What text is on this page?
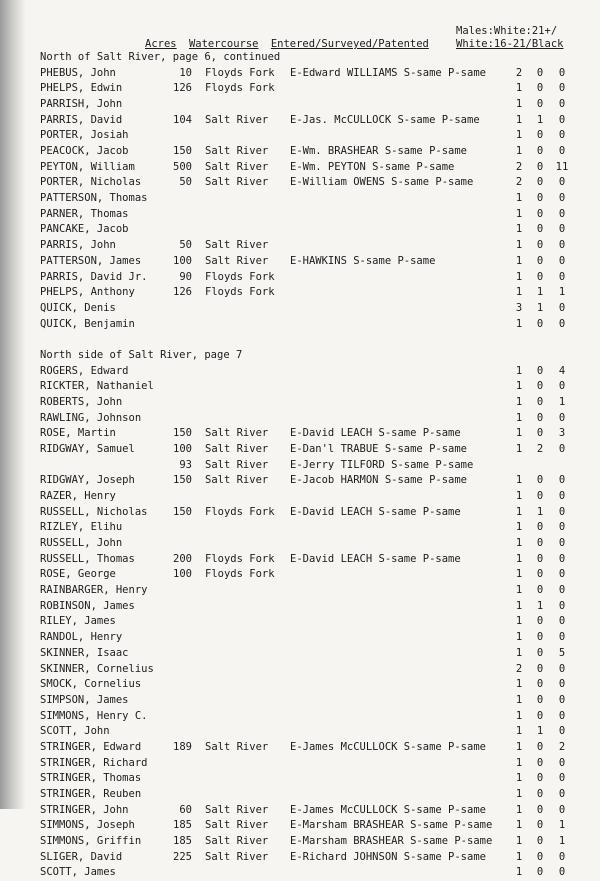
Males:White:21+/
Acres Watercourse Entered/Surveyed/Patented	White:16-21/Black
North of Salt River, page 6, continued
PHEBUS, John	10 Floyds Fork E-Edward WILLIAMS S-same P-same	2 0	0
PHELPS, Edwin	126 Floyds Fork	1 0	0
PARRISH, John	1 0	0
PARRIS, David	104 Salt River E-Jas. McCULLOCK S-same P-same	1 1	0
PORTER, Josiah	1 0	0
PEACOCK, Jacob	150 Salt River E-Wm. BRASHEAR S-same P-same	1 0	0
PEYTON, William	500 Salt River E-Wm. PEYTON S-same P-same	2 0 11
PORTER, Nicholas	50 Salt River E-William OWENS S-same P-same	2 0	0
PATTERSON, Thomas	1 0	0
PARNER, Thomas	1 0	0
PANCAKE, Jacob	1 0	0
PARRIS, John	50 Salt River	1 0	0
PATTERSON, James	100 Salt River E-HAWKINS S-same P-same	1 0	0
PARRIS, David Jr.	90 Floyds Fork	1 0	0
PHELPS, Anthony	126 Floyds Fork	1 1	1
QUICK, Denis	3 1	0
QUICK, Benjamin	1 0	0
North side of Salt River, page 7
ROGERS, Edward	1 0	4
RICKTER, Nathaniel	1 0	0
ROBERTS, John	1 0	1
RAWLING, Johnson	1 0	0
ROSE, Martin	150 Salt River E-David LEACH S-same P-same	1 0	3
RIDGWAY, Samuel	100 Salt River E-Dan'l TRABUE S-same P-same	1 2	0
93 Salt River E-Jerry TILFORD S-same P-same
RIDGWAY, Joseph	150 Salt River E-Jacob HARMON S-same P-same	1 0	0
RAZER, Henry	1 0	0
RUSSELL, Nicholas	150 Floyds Fork E-David LEACH S-same P-same	1 1	0
RIZLEY, Elihu	1 0	0
RUSSELL, John	1 0	0
RUSSELL, Thomas	200 Floyds Fork E-David LEACH S-same P-same	1 0	0
ROSE, George	100 Floyds Fork	1 0	0
RAINBARGER, Henry	1 0	0
ROBINSON, James	1 1	0
RILEY, James	1 0	0
RANDOL, Henry	1 0	0
SKINNER, Isaac	1 0	5
SKINNER, Cornelius	2 0	0
SMOCK, Cornelius	1 0	0
SIMPSON, James	1 0	0
SIMMONS, Henry C.	1 0	0
SCOTT, John	1 1	0
STRINGER, Edward	189 Salt River E-James McCULLOCK S-same P-same	1 0	2
STRINGER, Richard	1 0	0
STRINGER, Thomas	1 0	0
STRINGER, Reuben	1 0	0
STRINGER, John	60 Salt River E-James McCULLOCK S-same P-same	1 0	0
SIMMONS, Joseph	185 Salt River E-Marsham BRASHEAR S-same P-same 1 0	1
SIMMONS, Griffin	185 Salt River E-Marsham BRASHEAR S-same P-same 1 0	1
SLIGER, David	225 Salt River E-Richard JOHNSON S-same P-same	1 0	0
SCOTT, James	1 0	0
